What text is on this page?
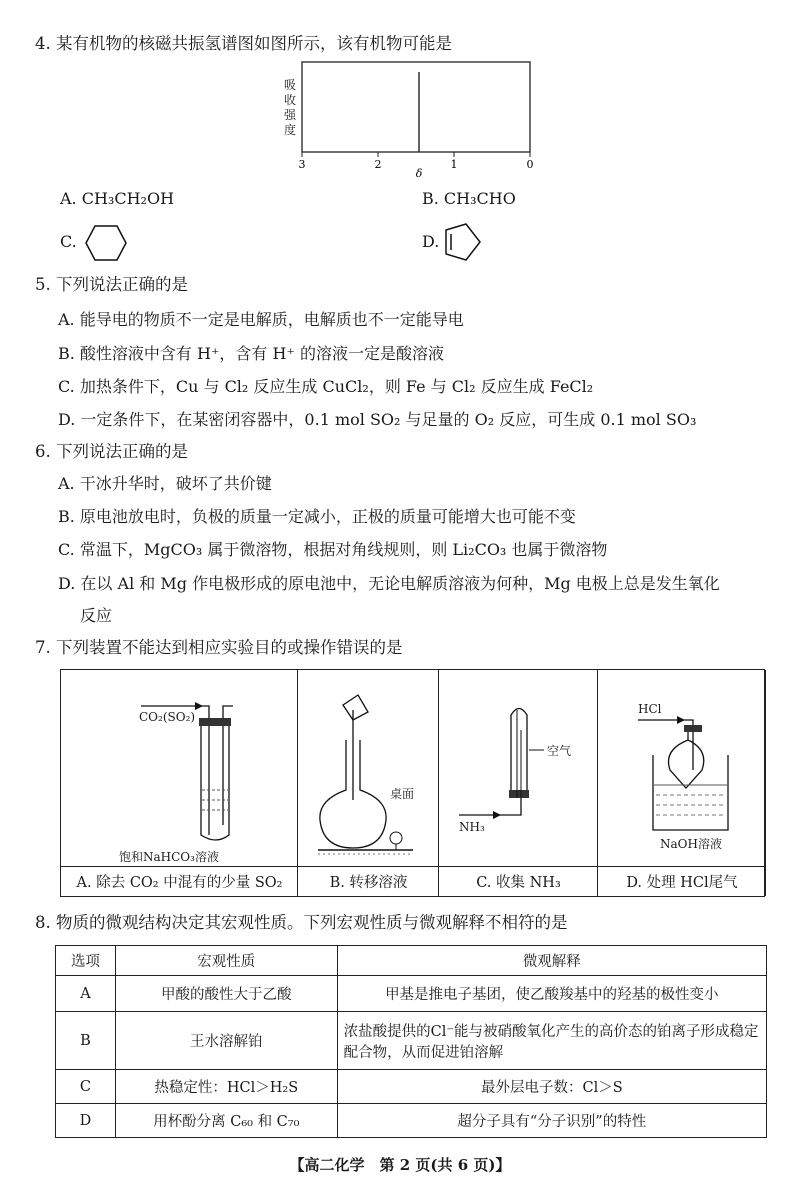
4. 某有机物的核磁共振氢谱图如图所示，该有机物可能是
3	2	1	0
δ
吸收强度
A. CH₃CH₂OH	B. CH₃CHO
C.	D.
5. 下列说法正确的是
A. 能导电的物质不一定是电解质，电解质也不一定能导电
B. 酸性溶液中含有 H⁺，含有 H⁺ 的溶液一定是酸溶液
C. 加热条件下，Cu 与 Cl₂ 反应生成 CuCl₂，则 Fe 与 Cl₂ 反应生成 FeCl₂
D. 一定条件下，在某密闭容器中，0.1 mol SO₂ 与足量的 O₂ 反应，可生成 0.1 mol SO₃
6. 下列说法正确的是
A. 干冰升华时，破坏了共价键
B. 原电池放电时，负极的质量一定减小，正极的质量可能增大也可能不变
C. 常温下，MgCO₃ 属于微溶物，根据对角线规则，则 Li₂CO₃ 也属于微溶物
D. 在以 Al 和 Mg 作电极形成的原电池中，无论电解质溶液为何种，Mg 电极上总是发生氧化
反应
7. 下列装置不能达到相应实验目的或操作错误的是
CO₂(SO₂)
饱和NaHCO₃溶液
桌面
空气
NH₃
HCl
NaOH溶液
A. 除去 CO₂ 中混有的少量 SO₂	B. 转移溶液	C. 收集 NH₃	D. 处理 HCl尾气
8. 物质的微观结构决定其宏观性质。下列宏观性质与微观解释不相符的是
选项	宏观性质	微观解释
A	甲酸的酸性大于乙酸	甲基是推电子基团，使乙酸羧基中的羟基的极性变小
B	王水溶解铂	浓盐酸提供的Cl⁻能与被硝酸氧化产生的高价态的铂离子形成稳定配合物，从而促进铂溶解
C	热稳定性：HCl＞H₂S	最外层电子数：Cl＞S
D	用杯酚分离 C₆₀ 和 C₇₀	超分子具有“分子识别”的特性
【高二化学　第 2 页(共 6 页)】
